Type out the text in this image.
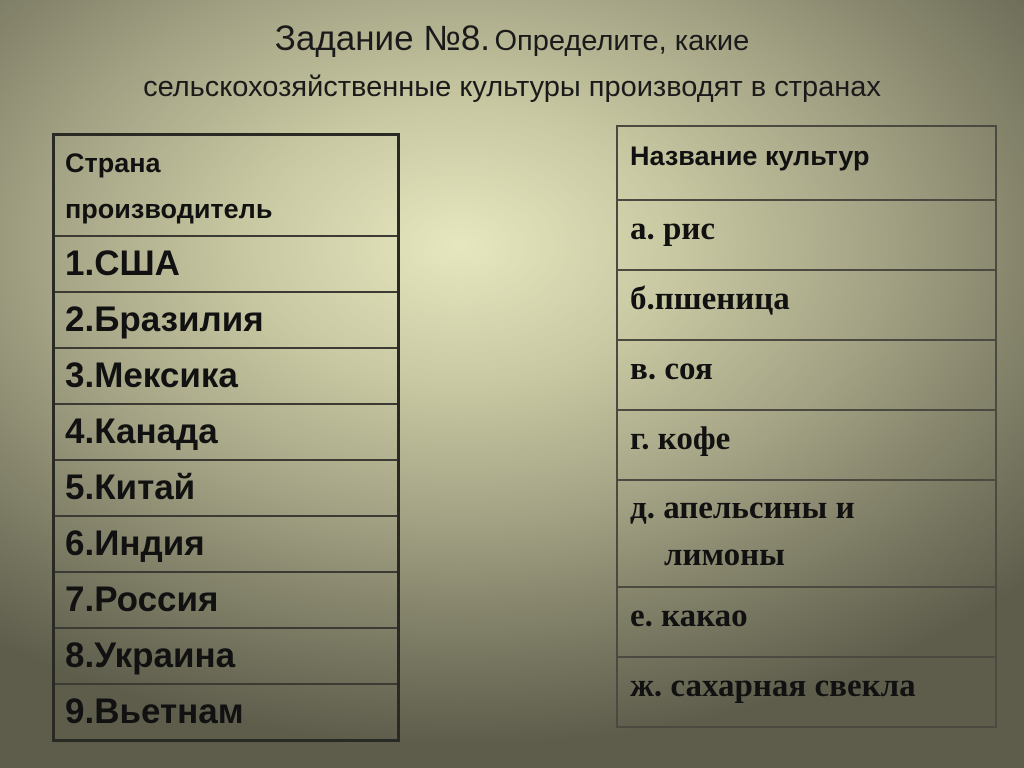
Задание №8. Определите, какие
сельскохозяйственные культуры производят в странах
Страна
производитель

1.США
2.Бразилия
3.Мексика
4.Канада
5.Китай
6.Индия
7.Россия
8.Украина
9.Вьетнам
Название культур
а. рис
б.пшеница
в. соя
г. кофе

д. апельсины и
лимоны

е. какао
ж. сахарная свекла
